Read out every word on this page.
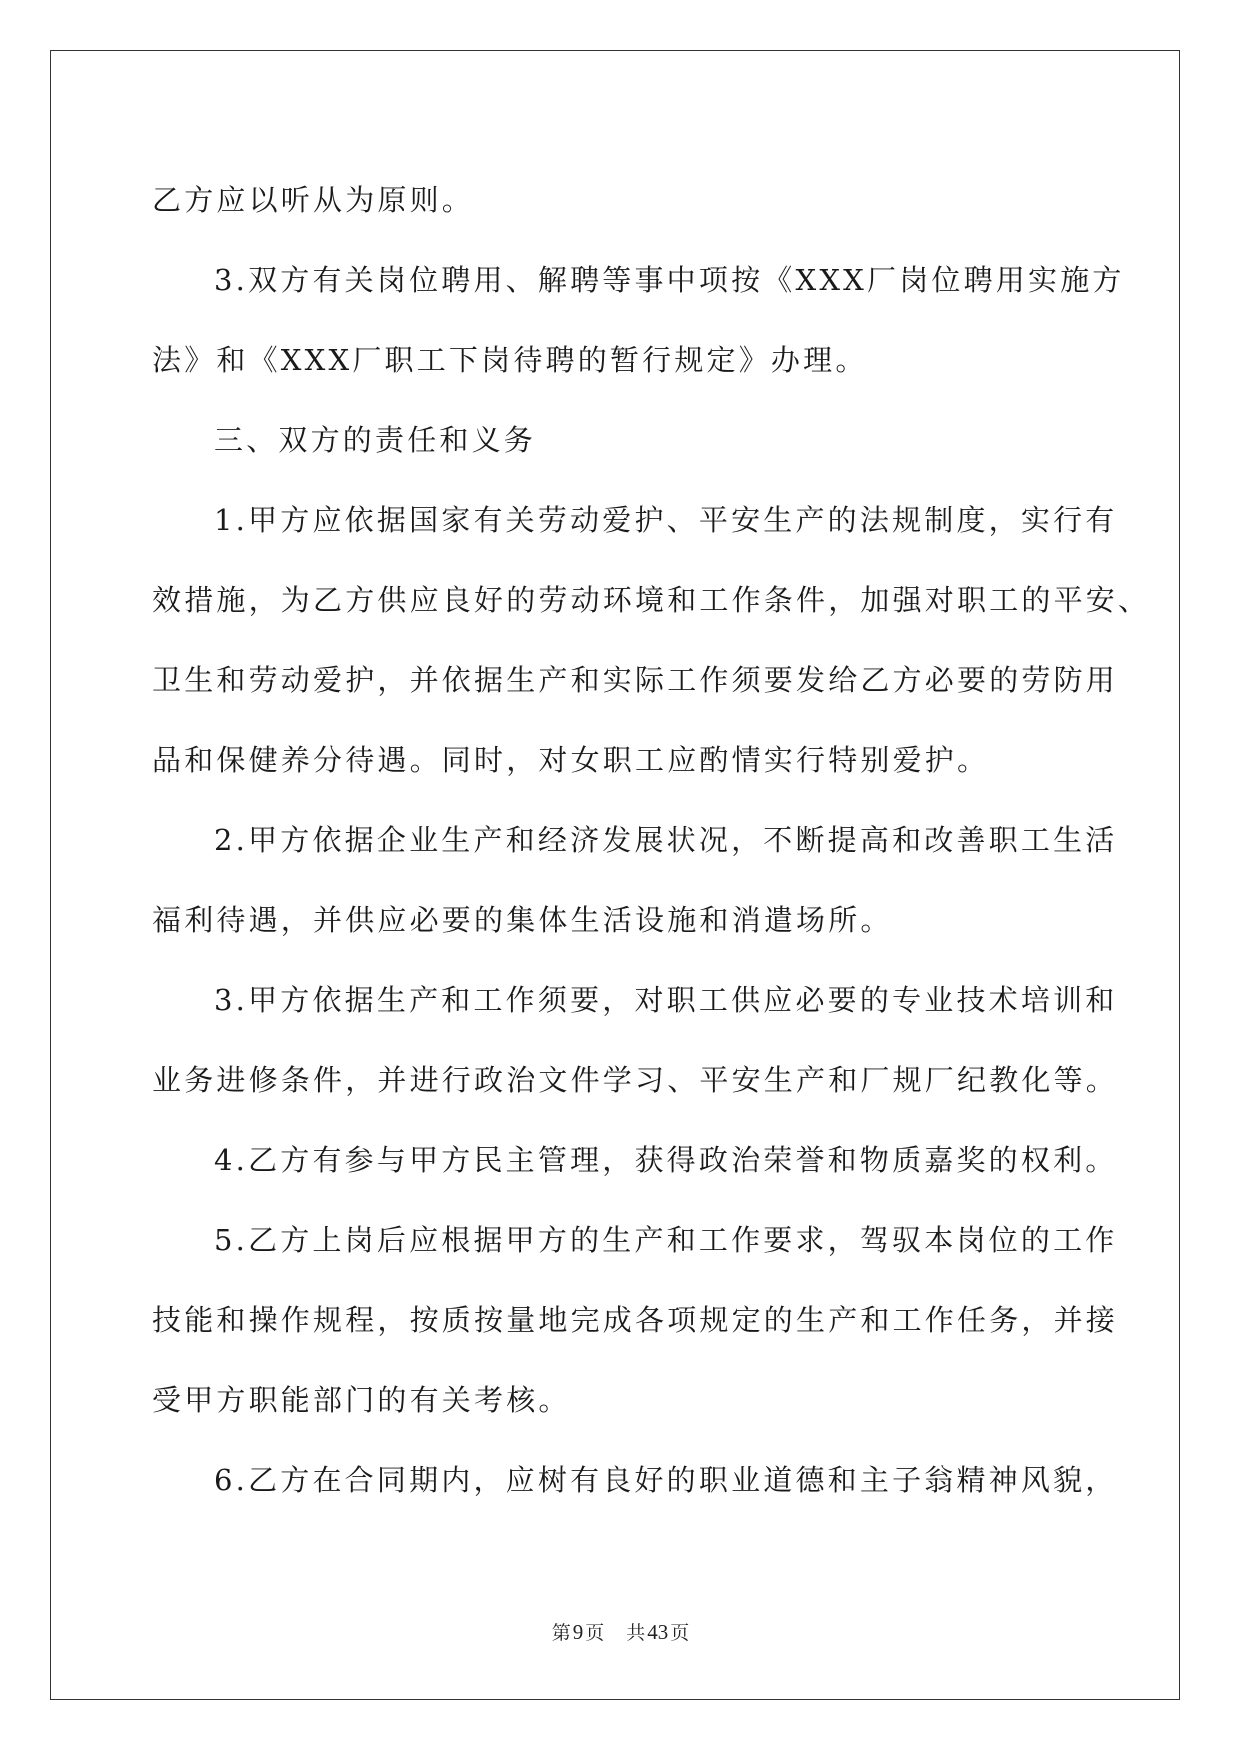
乙方应以听从为原则。

3.双方有关岗位聘用、解聘等事中项按《XXX厂岗位聘用实施方

法》和《XXX厂职工下岗待聘的暂行规定》办理。

三、双方的责任和义务

1.甲方应依据国家有关劳动爱护、平安生产的法规制度，实行有

效措施，为乙方供应良好的劳动环境和工作条件，加强对职工的平安、

卫生和劳动爱护，并依据生产和实际工作须要发给乙方必要的劳防用

品和保健养分待遇。同时，对女职工应酌情实行特别爱护。

2.甲方依据企业生产和经济发展状况，不断提高和改善职工生活

福利待遇，并供应必要的集体生活设施和消遣场所。

3.甲方依据生产和工作须要，对职工供应必要的专业技术培训和

业务进修条件，并进行政治文件学习、平安生产和厂规厂纪教化等。

4.乙方有参与甲方民主管理，获得政治荣誉和物质嘉奖的权利。

5.乙方上岗后应根据甲方的生产和工作要求，驾驭本岗位的工作

技能和操作规程，按质按量地完成各项规定的生产和工作任务，并接

受甲方职能部门的有关考核。

6.乙方在合同期内，应树有良好的职业道德和主子翁精神风貌，

第9 页 共43 页
